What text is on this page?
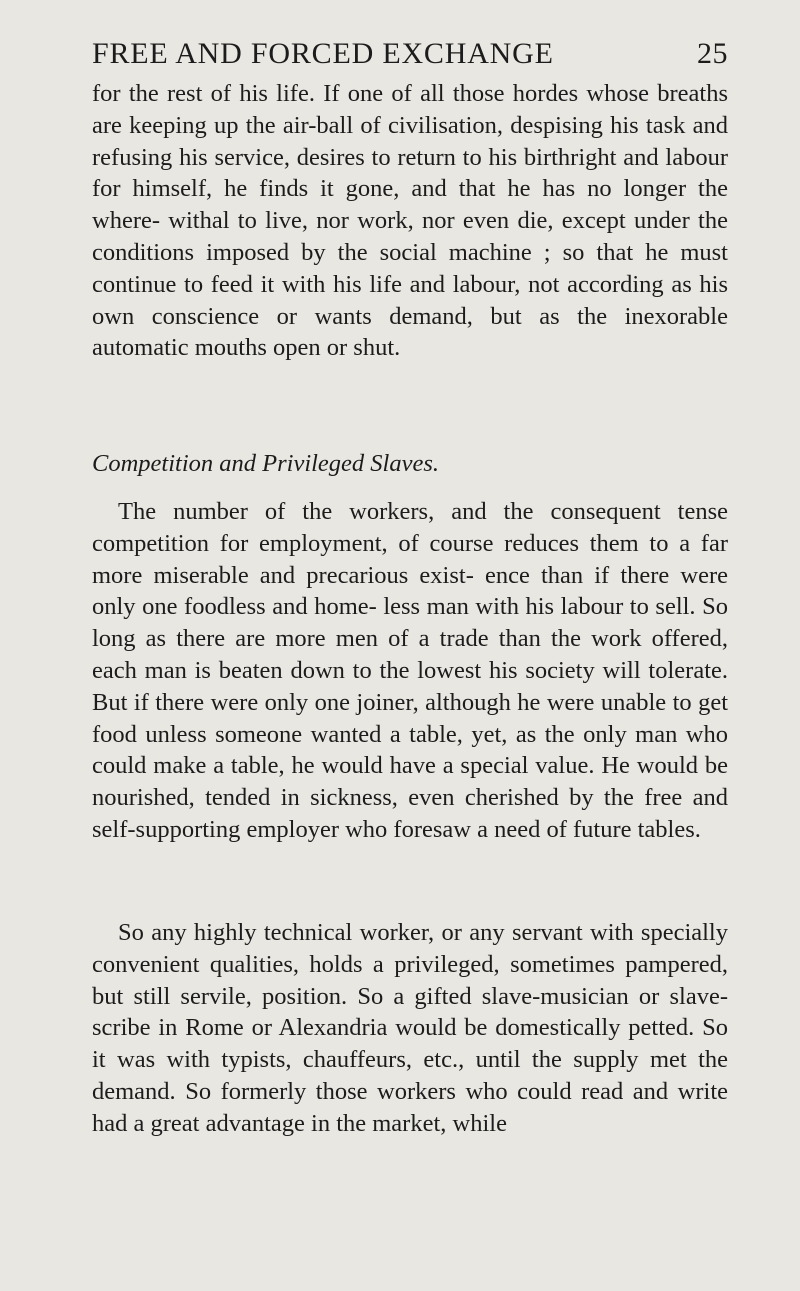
FREE AND FORCED EXCHANGE	25

for the rest of his life. If one of all those hordes whose breaths are keeping up the air-ball of civilisation, despising his task and refusing his service, desires to return to his birthright and labour for himself, he finds it gone, and that he has no longer the where- withal to live, nor work, nor even die, except under the conditions imposed by the social machine ; so that he must continue to feed it with his life and labour, not according as his own conscience or wants demand, but as the inexorable automatic mouths open or shut.

Competition and Privileged Slaves.

The number of the workers, and the consequent tense competition for employment, of course reduces them to a far more miserable and precarious exist- ence than if there were only one foodless and home- less man with his labour to sell. So long as there are more men of a trade than the work offered, each man is beaten down to the lowest his society will tolerate. But if there were only one joiner, although he were unable to get food unless someone wanted a table, yet, as the only man who could make a table, he would have a special value. He would be nourished, tended in sickness, even cherished by the free and self-supporting employer who foresaw a need of future tables.

So any highly technical worker, or any servant with specially convenient qualities, holds a privileged, sometimes pampered, but still servile, position. So a gifted slave-musician or slave-scribe in Rome or Alexandria would be domestically petted. So it was with typists, chauffeurs, etc., until the supply met the demand. So formerly those workers who could read and write had a great advantage in the market, while
